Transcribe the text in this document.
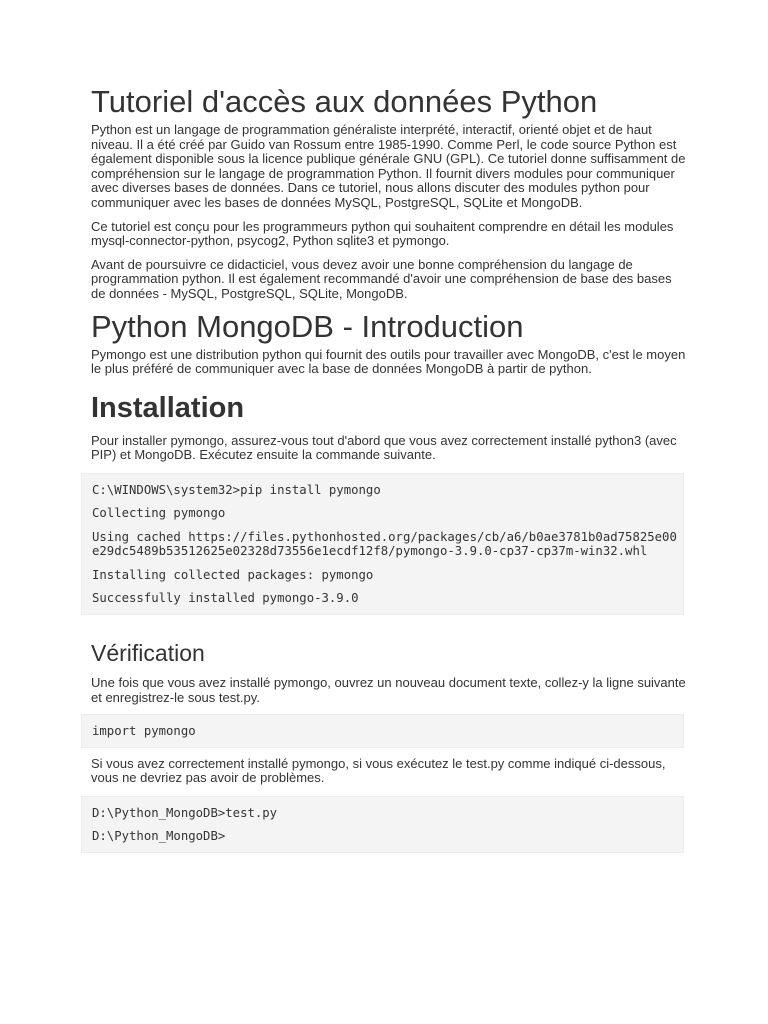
Tutoriel d'accès aux données Python

Python est un langage de programmation généraliste interprété, interactif, orienté objet et de haut niveau. Il a été créé par Guido van Rossum entre 1985-1990. Comme Perl, le code source Python est également disponible sous la licence publique générale GNU (GPL). Ce tutoriel donne suffisamment de compréhension sur le langage de programmation Python. Il fournit divers modules pour communiquer avec diverses bases de données. Dans ce tutoriel, nous allons discuter des modules python pour communiquer avec les bases de données MySQL, PostgreSQL, SQLite et MongoDB.

Ce tutoriel est conçu pour les programmeurs python qui souhaitent comprendre en détail les modules mysql-connector-python, psycog2, Python sqlite3 et pymongo.

Avant de poursuivre ce didacticiel, vous devez avoir une bonne compréhension du langage de programmation python. Il est également recommandé d'avoir une compréhension de base des bases de données - MySQL, PostgreSQL, SQLite, MongoDB.

Python MongoDB - Introduction

Pymongo est une distribution python qui fournit des outils pour travailler avec MongoDB, c'est le moyen le plus préféré de communiquer avec la base de données MongoDB à partir de python.

Installation

Pour installer pymongo, assurez-vous tout d'abord que vous avez correctement installé python3 (avec PIP) et MongoDB. Exécutez ensuite la commande suivante.

C:\WINDOWS\system32>pip install pymongo
Collecting pymongo
Using cached https://files.pythonhosted.org/packages/cb/a6/b0ae3781b0ad75825e00e29dc5489b53512625e02328d73556e1ecdf12f8/pymongo-3.9.0-cp37-cp37m-win32.whl
Installing collected packages: pymongo
Successfully installed pymongo-3.9.0
Vérification

Une fois que vous avez installé pymongo, ouvrez un nouveau document texte, collez-y la ligne suivante et enregistrez-le sous test.py.

import pymongo

Si vous avez correctement installé pymongo, si vous exécutez le test.py comme indiqué ci-dessous, vous ne devriez pas avoir de problèmes.

D:\Python_MongoDB>test.py
D:\Python_MongoDB>
